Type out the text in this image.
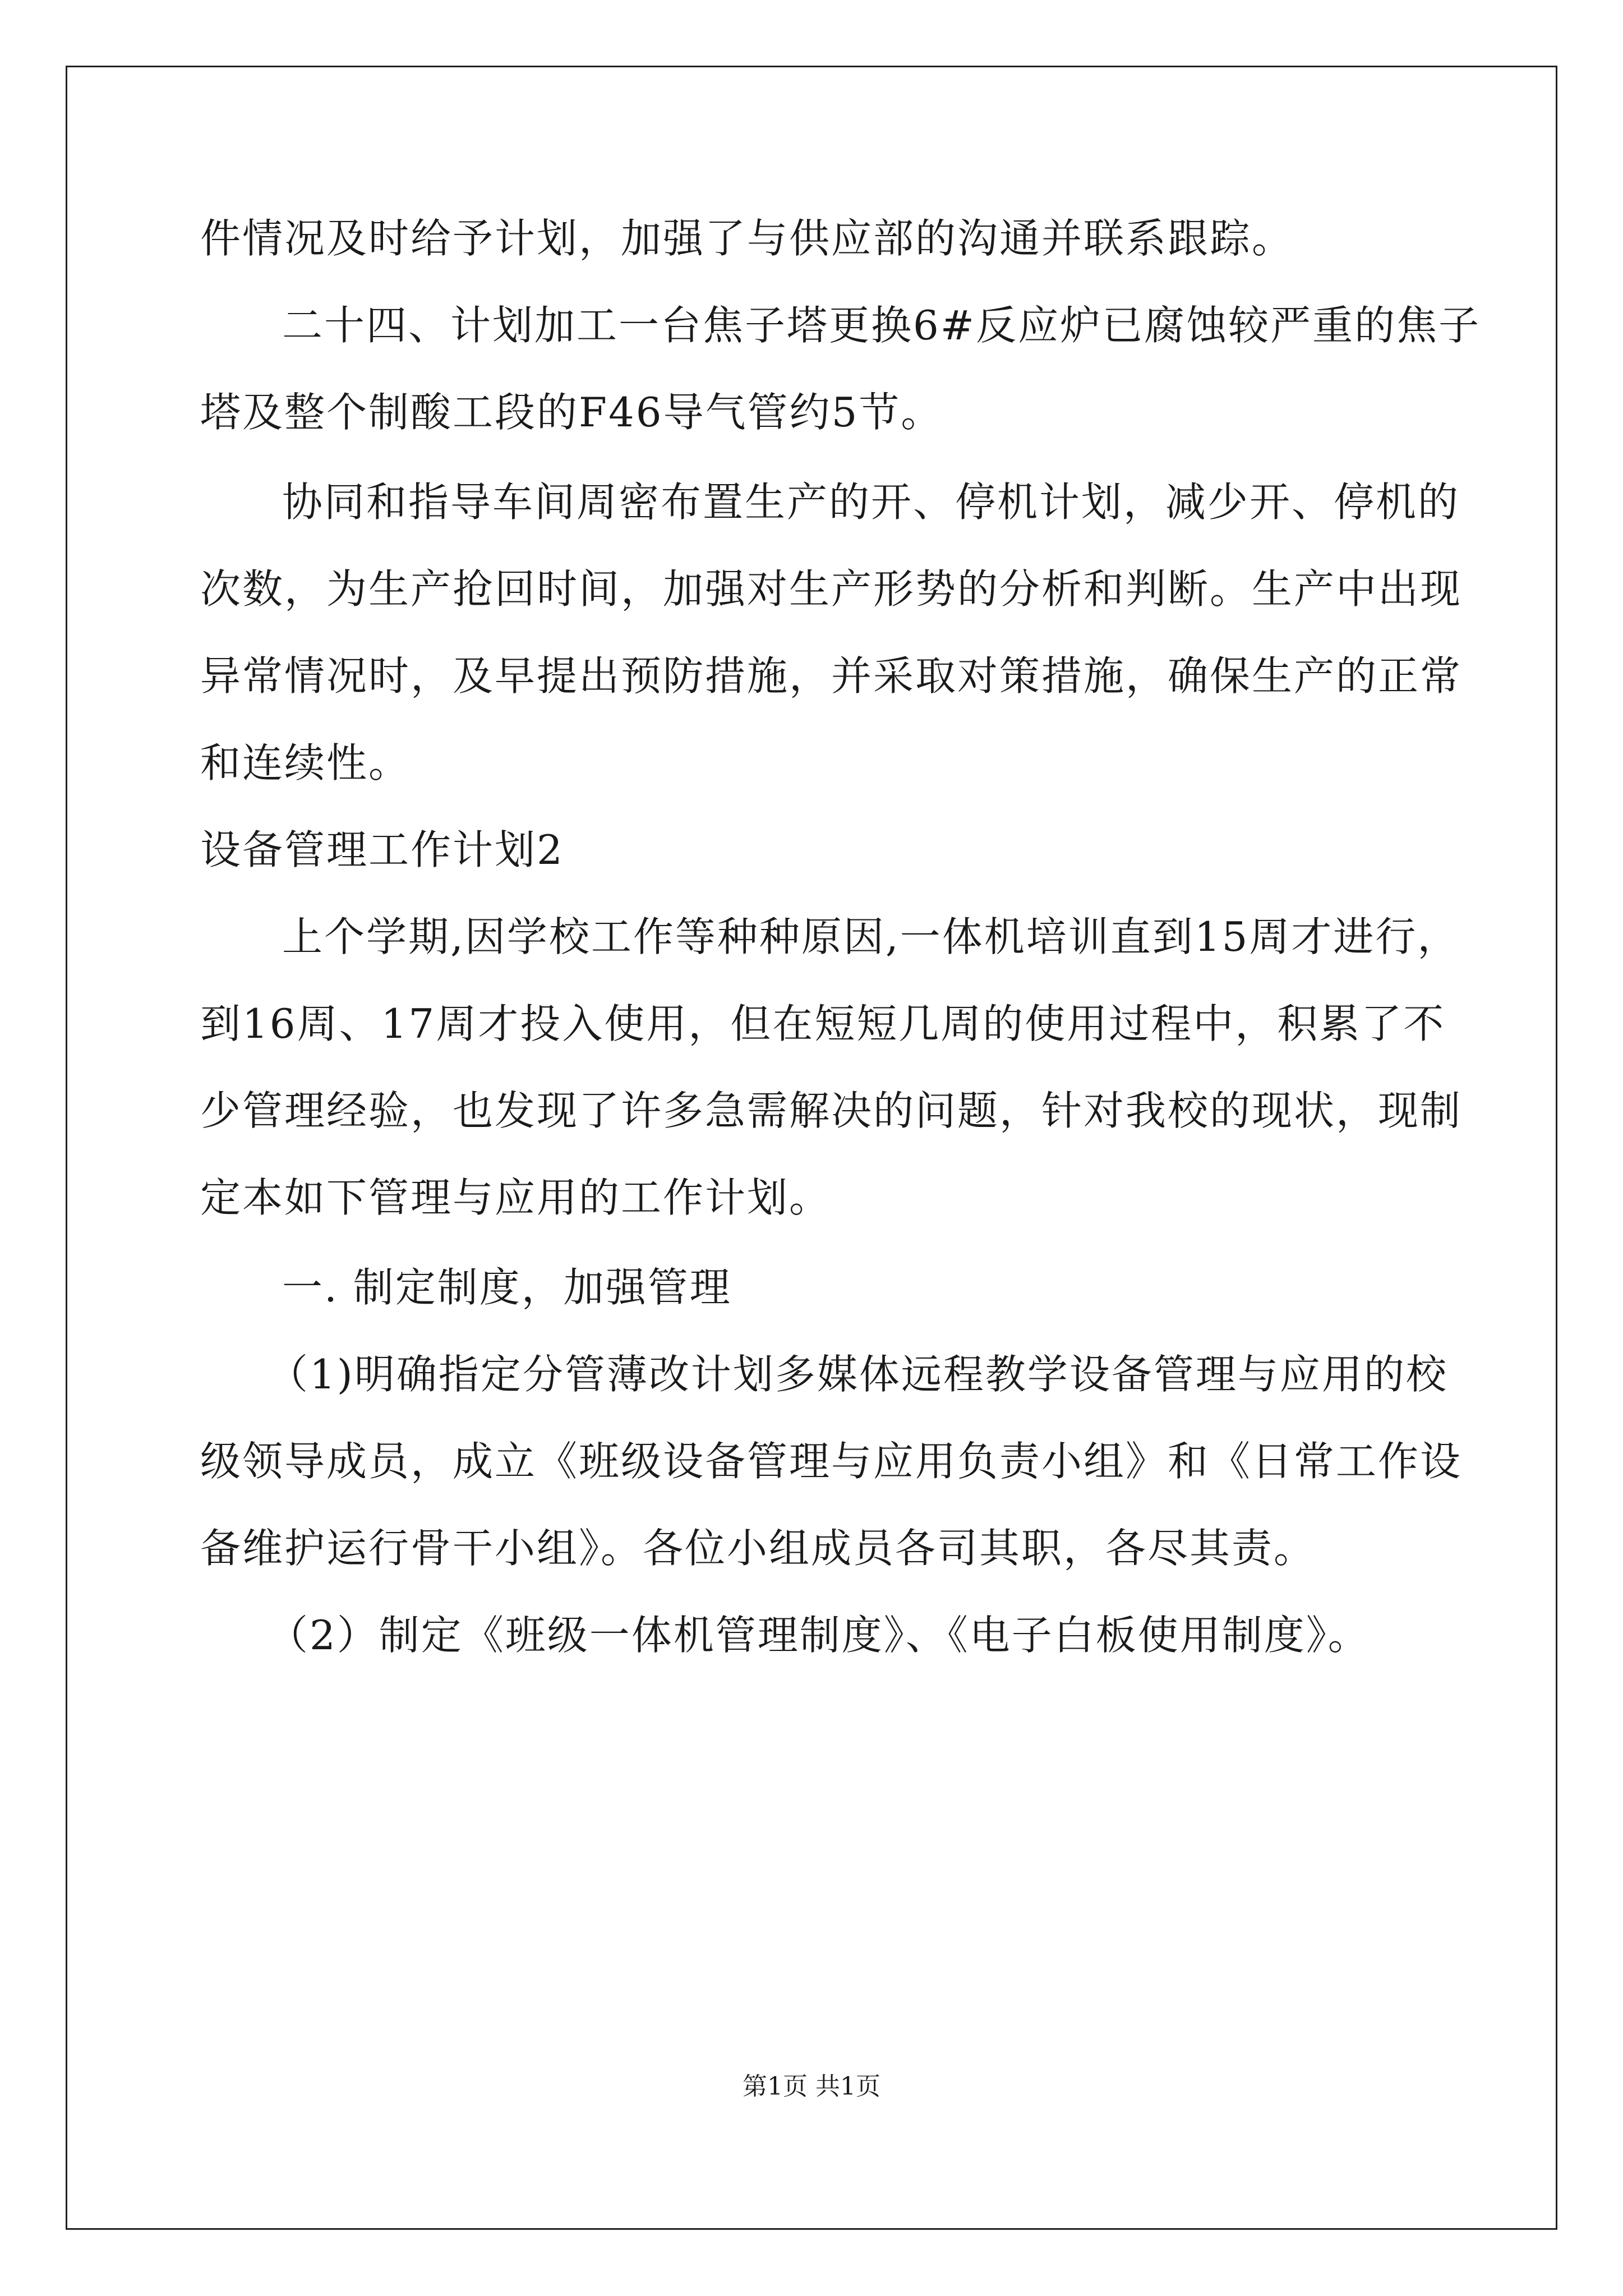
件情况及时给予计划，加强了与供应部的沟通并联系跟踪。
二十四、计划加工一台焦子塔更换6#反应炉已腐蚀较严重的焦子
塔及整个制酸工段的F46导气管约5节。
协同和指导车间周密布置生产的开、停机计划，减少开、停机的
次数，为生产抢回时间，加强对生产形势的分析和判断。生产中出现
异常情况时，及早提出预防措施，并采取对策措施，确保生产的正常
和连续性。
设备管理工作计划2
上个学期,因学校工作等种种原因,一体机培训直到15周才进行，
到16周、17周才投入使用，但在短短几周的使用过程中，积累了不
少管理经验，也发现了许多急需解决的问题，针对我校的现状，现制
定本如下管理与应用的工作计划。
一. 制定制度，加强管理
（1)明确指定分管薄改计划多媒体远程教学设备管理与应用的校
级领导成员，成立《班级设备管理与应用负责小组》和《日常工作设
备维护运行骨干小组》。各位小组成员各司其职，各尽其责。
（2）制定《班级一体机管理制度》、《电子白板使用制度》。
第1页 共1页
